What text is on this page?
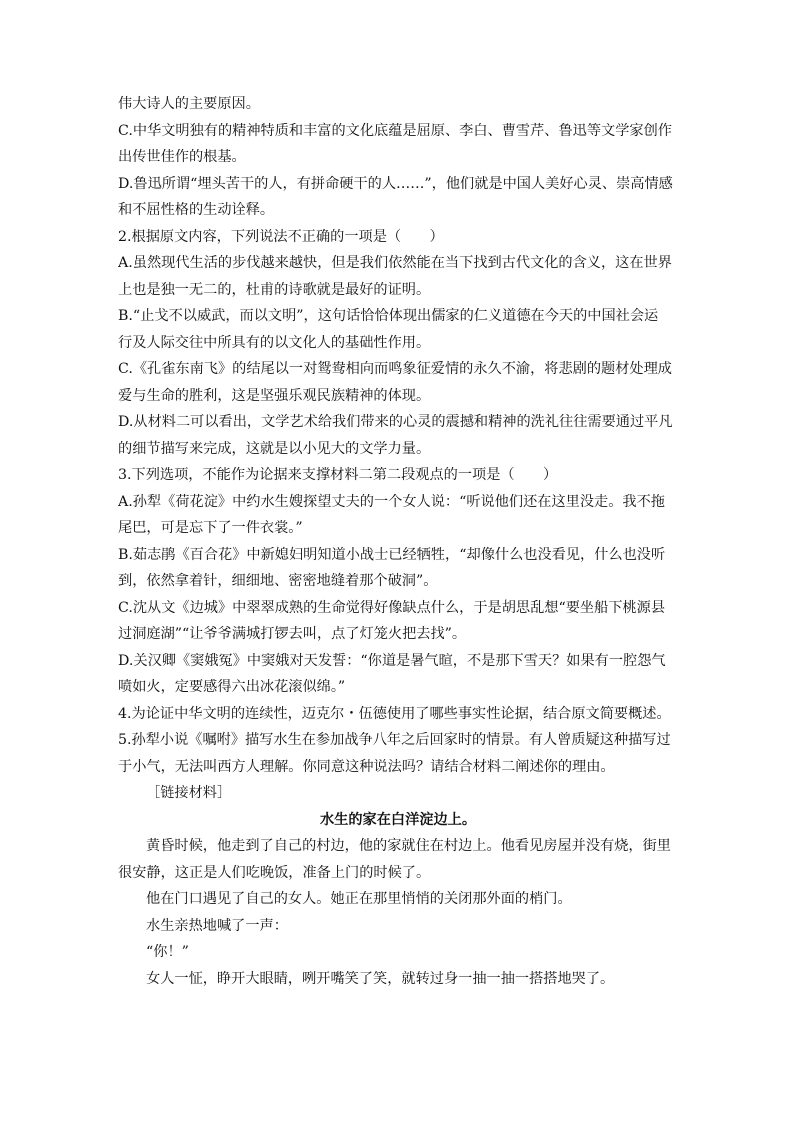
伟大诗人的主要原因。
C.中华文明独有的精神特质和丰富的文化底蕴是屈原、李白、曹雪芹、鲁迅等文学家创作
出传世佳作的根基。
D.鲁迅所谓“埋头苦干的人，有拼命硬干的人……”，他们就是中国人美好心灵、崇高情感
和不屈性格的生动诠释。
2.根据原文内容，下列说法不正确的一项是（　　）
A.虽然现代生活的步伐越来越快，但是我们依然能在当下找到古代文化的含义，这在世界
上也是独一无二的，杜甫的诗歌就是最好的证明。
B.“止戈不以威武，而以文明”，这句话恰恰体现出儒家的仁义道德在今天的中国社会运
行及人际交往中所具有的以文化人的基础性作用。
C.《孔雀东南飞》的结尾以一对鸳鸯相向而鸣象征爱情的永久不渝，将悲剧的题材处理成
爱与生命的胜利，这是坚强乐观民族精神的体现。
D.从材料二可以看出，文学艺术给我们带来的心灵的震撼和精神的洗礼往往需要通过平凡
的细节描写来完成，这就是以小见大的文学力量。
3.下列选项，不能作为论据来支撑材料二第二段观点的一项是（　　）
A.孙犁《荷花淀》中约水生嫂探望丈夫的一个女人说：“听说他们还在这里没走。我不拖
尾巴，可是忘下了一件衣裳。”
B.茹志鹃《百合花》中新媳妇明知道小战士已经牺牲，“却像什么也没看见，什么也没听
到，依然拿着针，细细地、密密地缝着那个破洞”。
C.沈从文《边城》中翠翠成熟的生命觉得好像缺点什么，于是胡思乱想“要坐船下桃源县
过洞庭湖”“让爷爷满城打锣去叫，点了灯笼火把去找”。
D.关汉卿《窦娥冤》中窦娥对天发誓：“你道是暑气暄，不是那下雪天？如果有一腔怨气
喷如火，定要感得六出冰花滚似绵。”
4.为论证中华文明的连续性，迈克尔・伍德使用了哪些事实性论据，结合原文简要概述。
5.孙犁小说《嘱咐》描写水生在参加战争八年之后回家时的情景。有人曾质疑这种描写过
于小气，无法叫西方人理解。你同意这种说法吗？请结合材料二阐述你的理由。
［链接材料］
水生的家在白洋淀边上。
黄昏时候，他走到了自己的村边，他的家就住在村边上。他看见房屋并没有烧，街里
很安静，这正是人们吃晚饭，准备上门的时候了。
他在门口遇见了自己的女人。她正在那里悄悄的关闭那外面的梢门。
水生亲热地喊了一声：
“你！”
女人一怔，睁开大眼睛，咧开嘴笑了笑，就转过身一抽一抽一搭搭地哭了。
